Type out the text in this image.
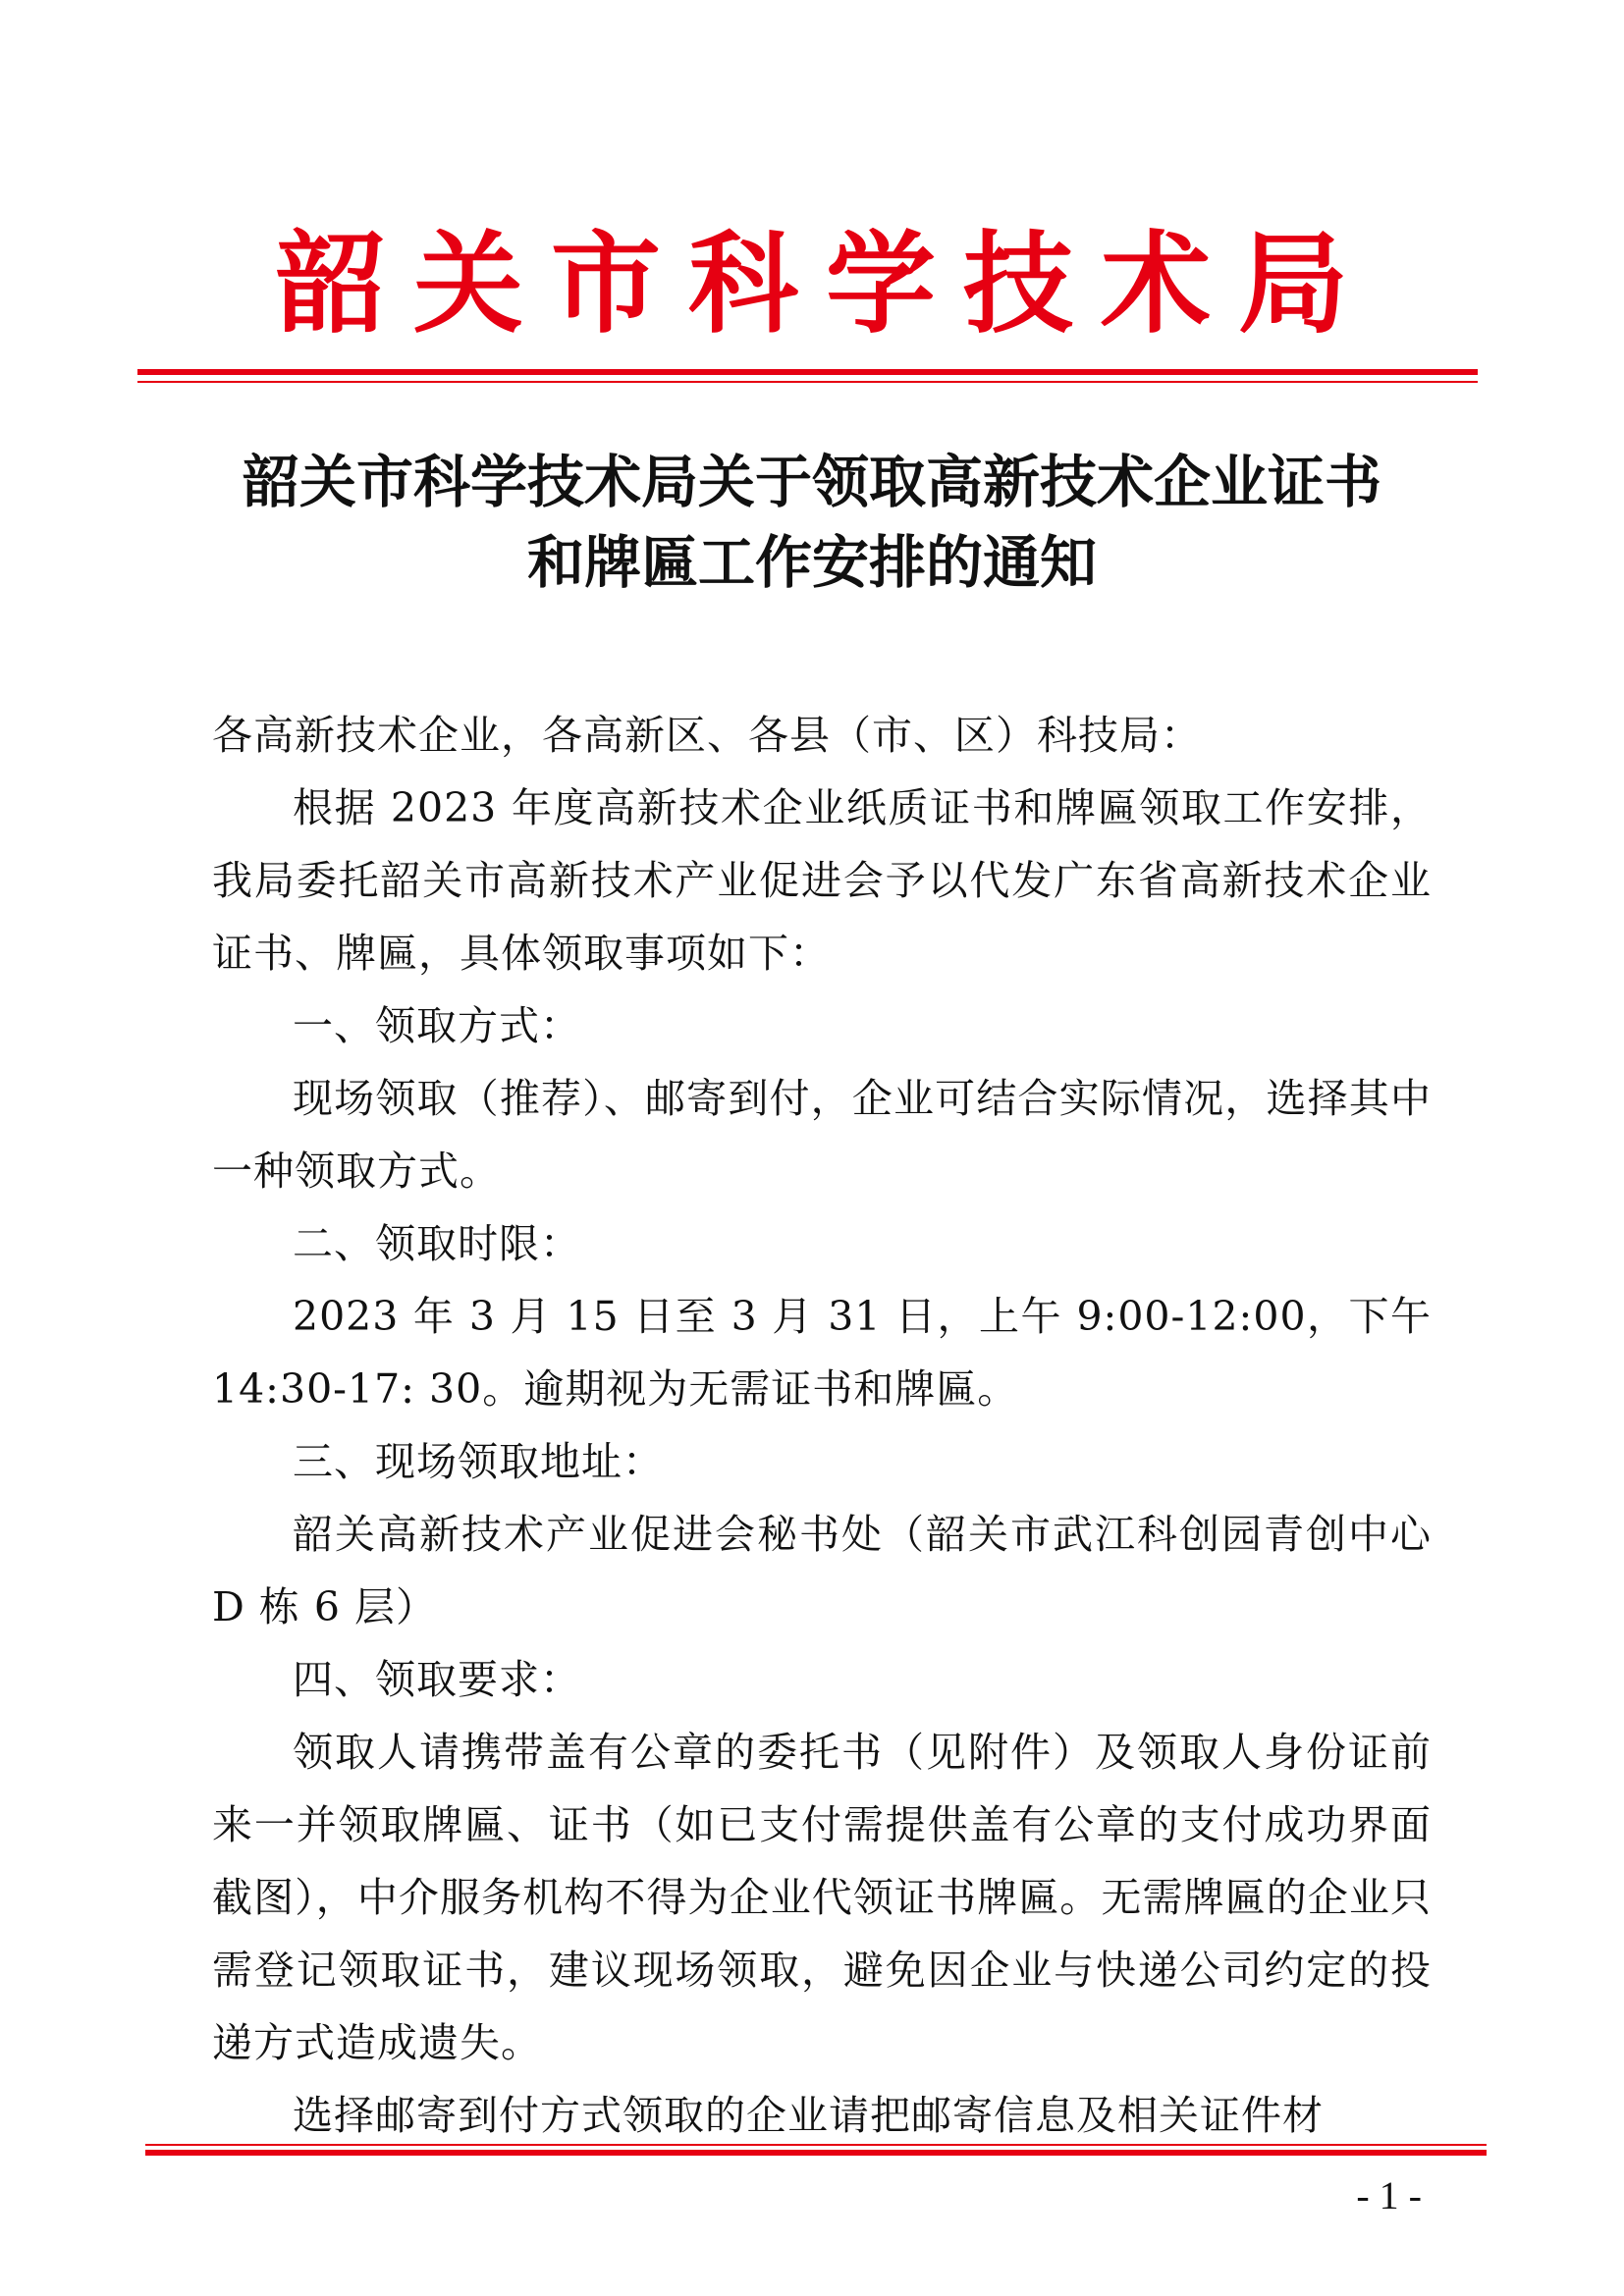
韶关市科学技术局
韶关市科学技术局关于领取高新技术企业证书
和牌匾工作安排的通知

各高新技术企业，各高新区、各县（市、区）科技局：

根据 2023 年度高新技术企业纸质证书和牌匾领取工作安排，我局委托韶关市高新技术产业促进会予以代发广东省高新技术企业证书、牌匾，具体领取事项如下：

一、领取方式：

现场领取（推荐）、邮寄到付，企业可结合实际情况，选择其中一种领取方式。

二、领取时限：

2023 年 3 月 15 日至 3 月 31 日，上午 9:00-12:00，下午 14:30-17: 30。逾期视为无需证书和牌匾。

三、现场领取地址：

韶关高新技术产业促进会秘书处（韶关市武江科创园青创中心 D 栋 6 层）

四、领取要求：

领取人请携带盖有公章的委托书（见附件）及领取人身份证前来一并领取牌匾、证书（如已支付需提供盖有公章的支付成功界面截图），中介服务机构不得为企业代领证书牌匾。无需牌匾的企业只需登记领取证书，建议现场领取，避免因企业与快递公司约定的投递方式造成遗失。

选择邮寄到付方式领取的企业请把邮寄信息及相关证件材

- 1 -
